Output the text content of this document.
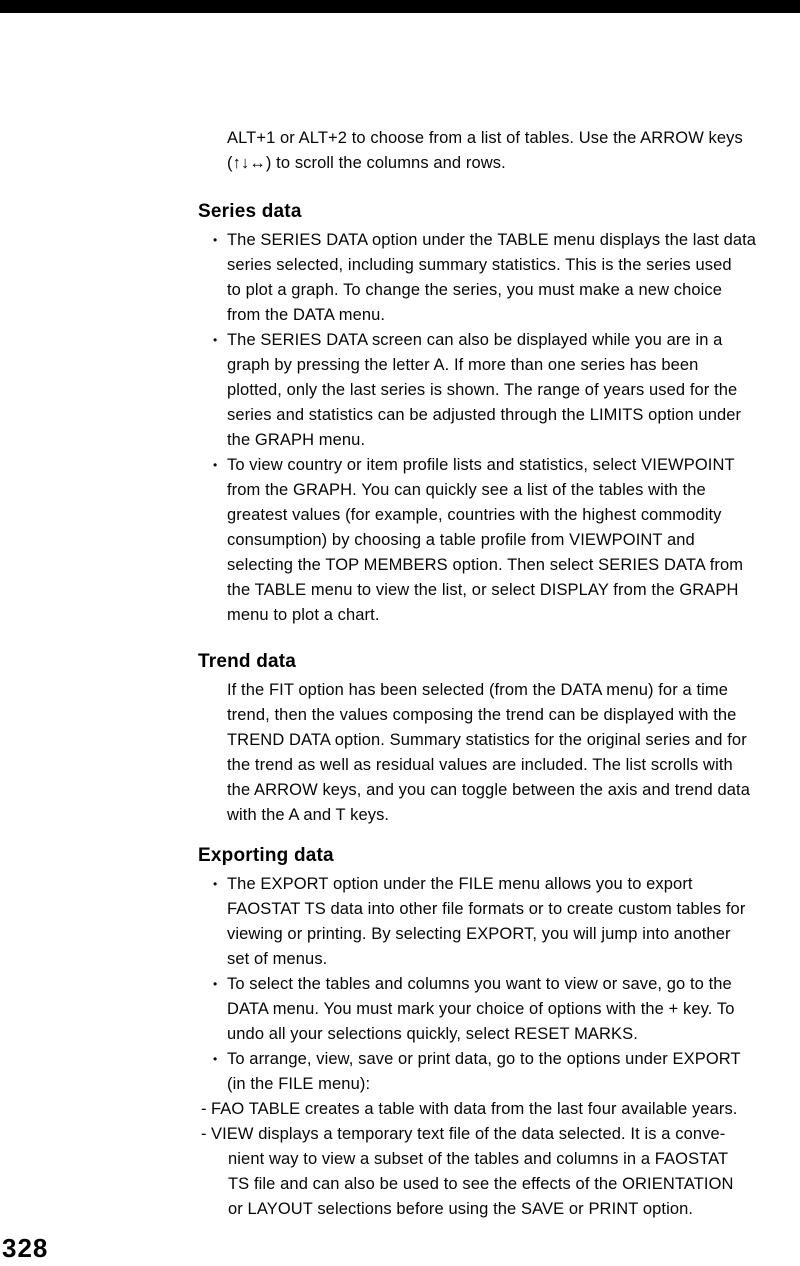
ALT+1 or ALT+2 to choose from a list of tables. Use the ARROW keys
(↑↓↔) to scroll the columns and rows.
Series data
• The SERIES DATA option under the TABLE menu displays the last data
series selected, including summary statistics. This is the series used
to plot a graph. To change the series, you must make a new choice
from the DATA menu.
• The SERIES DATA screen can also be displayed while you are in a
graph by pressing the letter A. If more than one series has been
plotted, only the last series is shown. The range of years used for the
series and statistics can be adjusted through the LIMITS option under
the GRAPH menu.
• To view country or item profile lists and statistics, select VIEWPOINT
from the GRAPH. You can quickly see a list of the tables with the
greatest values (for example, countries with the highest commodity
consumption) by choosing a table profile from VIEWPOINT and
selecting the TOP MEMBERS option. Then select SERIES DATA from
the TABLE menu to view the list, or select DISPLAY from the GRAPH
menu to plot a chart.
Trend data
If the FIT option has been selected (from the DATA menu) for a time
trend, then the values composing the trend can be displayed with the
TREND DATA option. Summary statistics for the original series and for
the trend as well as residual values are included. The list scrolls with
the ARROW keys, and you can toggle between the axis and trend data
with the A and T keys.
Exporting data
• The EXPORT option under the FILE menu allows you to export
FAOSTAT TS data into other file formats or to create custom tables for
viewing or printing. By selecting EXPORT, you will jump into another
set of menus.
• To select the tables and columns you want to view or save, go to the
DATA menu. You must mark your choice of options with the + key. To
undo all your selections quickly, select RESET MARKS.
• To arrange, view, save or print data, go to the options under EXPORT
(in the FILE menu):
- FAO TABLE creates a table with data from the last four available years.
- VIEW displays a temporary text file of the data selected. It is a conve-
nient way to view a subset of the tables and columns in a FAOSTAT
TS file and can also be used to see the effects of the ORIENTATION
or LAYOUT selections before using the SAVE or PRINT option.
328
